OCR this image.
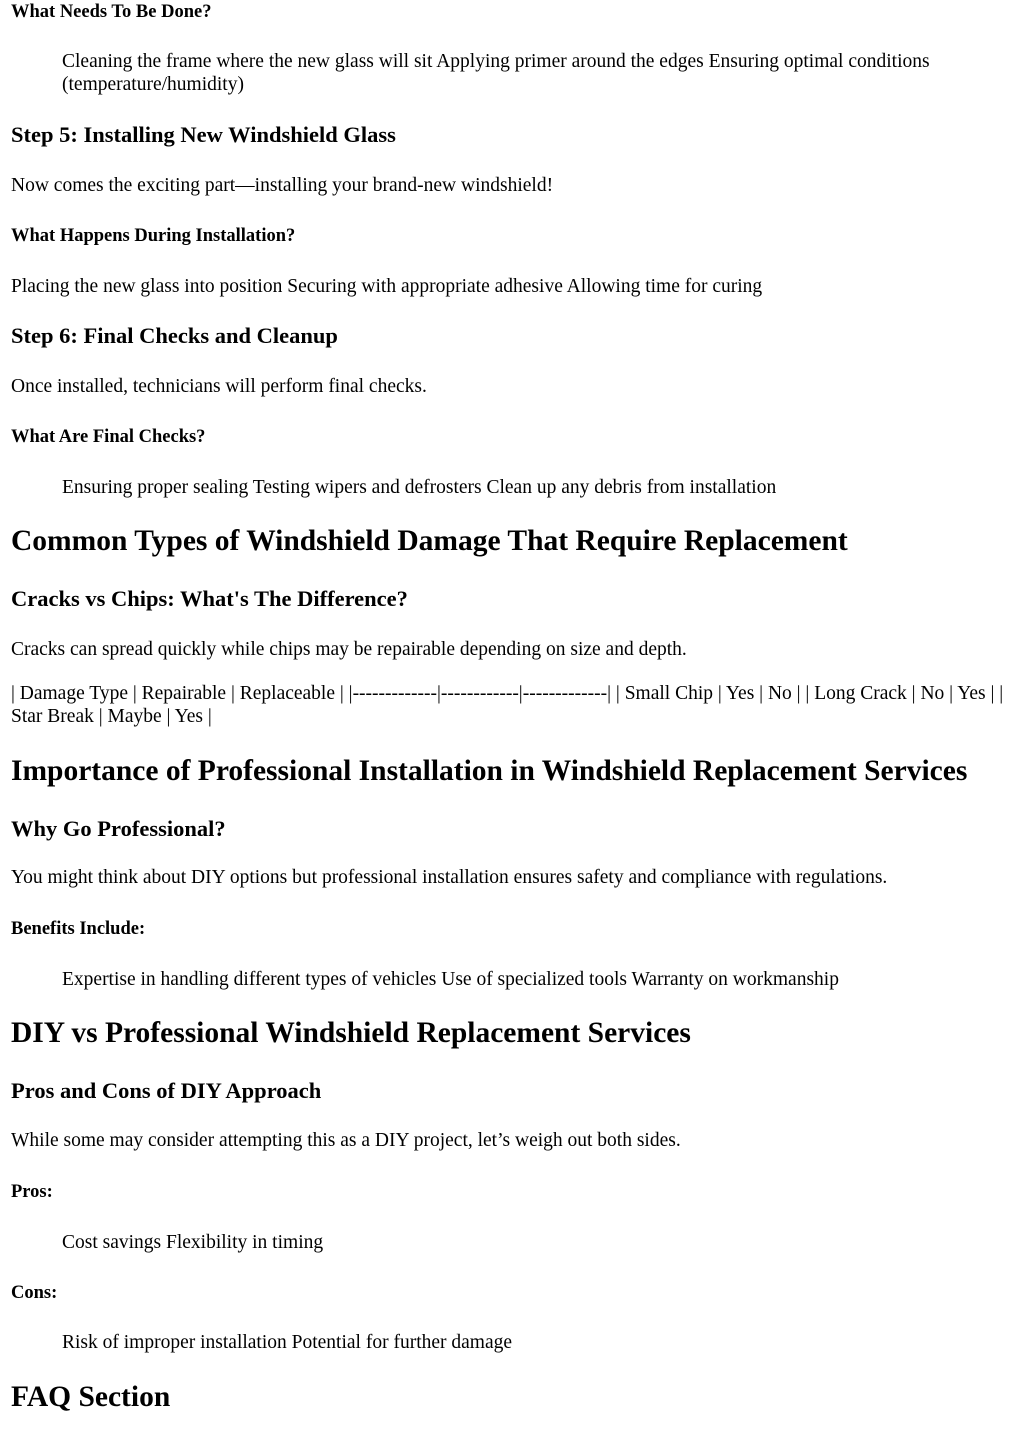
What Needs To Be Done?
Cleaning the frame where the new glass will sit Applying primer around the edges Ensuring optimal conditions (temperature/humidity)
Step 5: Installing New Windshield Glass

Now comes the exciting part—installing your brand-new windshield!

What Happens During Installation?

Placing the new glass into position Securing with appropriate adhesive Allowing time for curing

Step 6: Final Checks and Cleanup

Once installed, technicians will perform final checks.

What Are Final Checks?
Ensuring proper sealing Testing wipers and defrosters Clean up any debris from installation
Common Types of Windshield Damage That Require Replacement
Cracks vs Chips: What's The Difference?

Cracks can spread quickly while chips may be repairable depending on size and depth.

| Damage Type | Repairable | Replaceable | |-------------|------------|-------------| | Small Chip | Yes | No | | Long Crack | No | Yes | | Star Break | Maybe | Yes |

Importance of Professional Installation in Windshield Replacement Services
Why Go Professional?

You might think about DIY options but professional installation ensures safety and compliance with regulations.

Benefits Include:
Expertise in handling different types of vehicles Use of specialized tools Warranty on workmanship
DIY vs Professional Windshield Replacement Services
Pros and Cons of DIY Approach

While some may consider attempting this as a DIY project, let’s weigh out both sides.

Pros:
Cost savings Flexibility in timing
Cons:
Risk of improper installation Potential for further damage
FAQ Section
